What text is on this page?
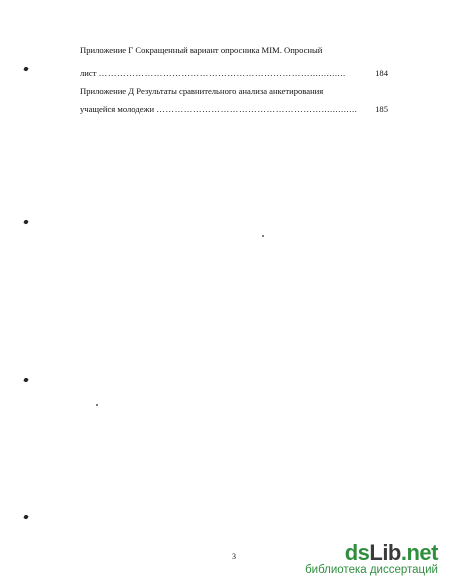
Приложение Г Сокращенный вариант опросника МIМ. Опросный
лист …………………………………………………………….............	184
Приложение Д Результаты сравнительного анализа анкетирования
учащейся молодежи ……………………………………………….............	185
3	dsLib.net
библиотека диссертаций
